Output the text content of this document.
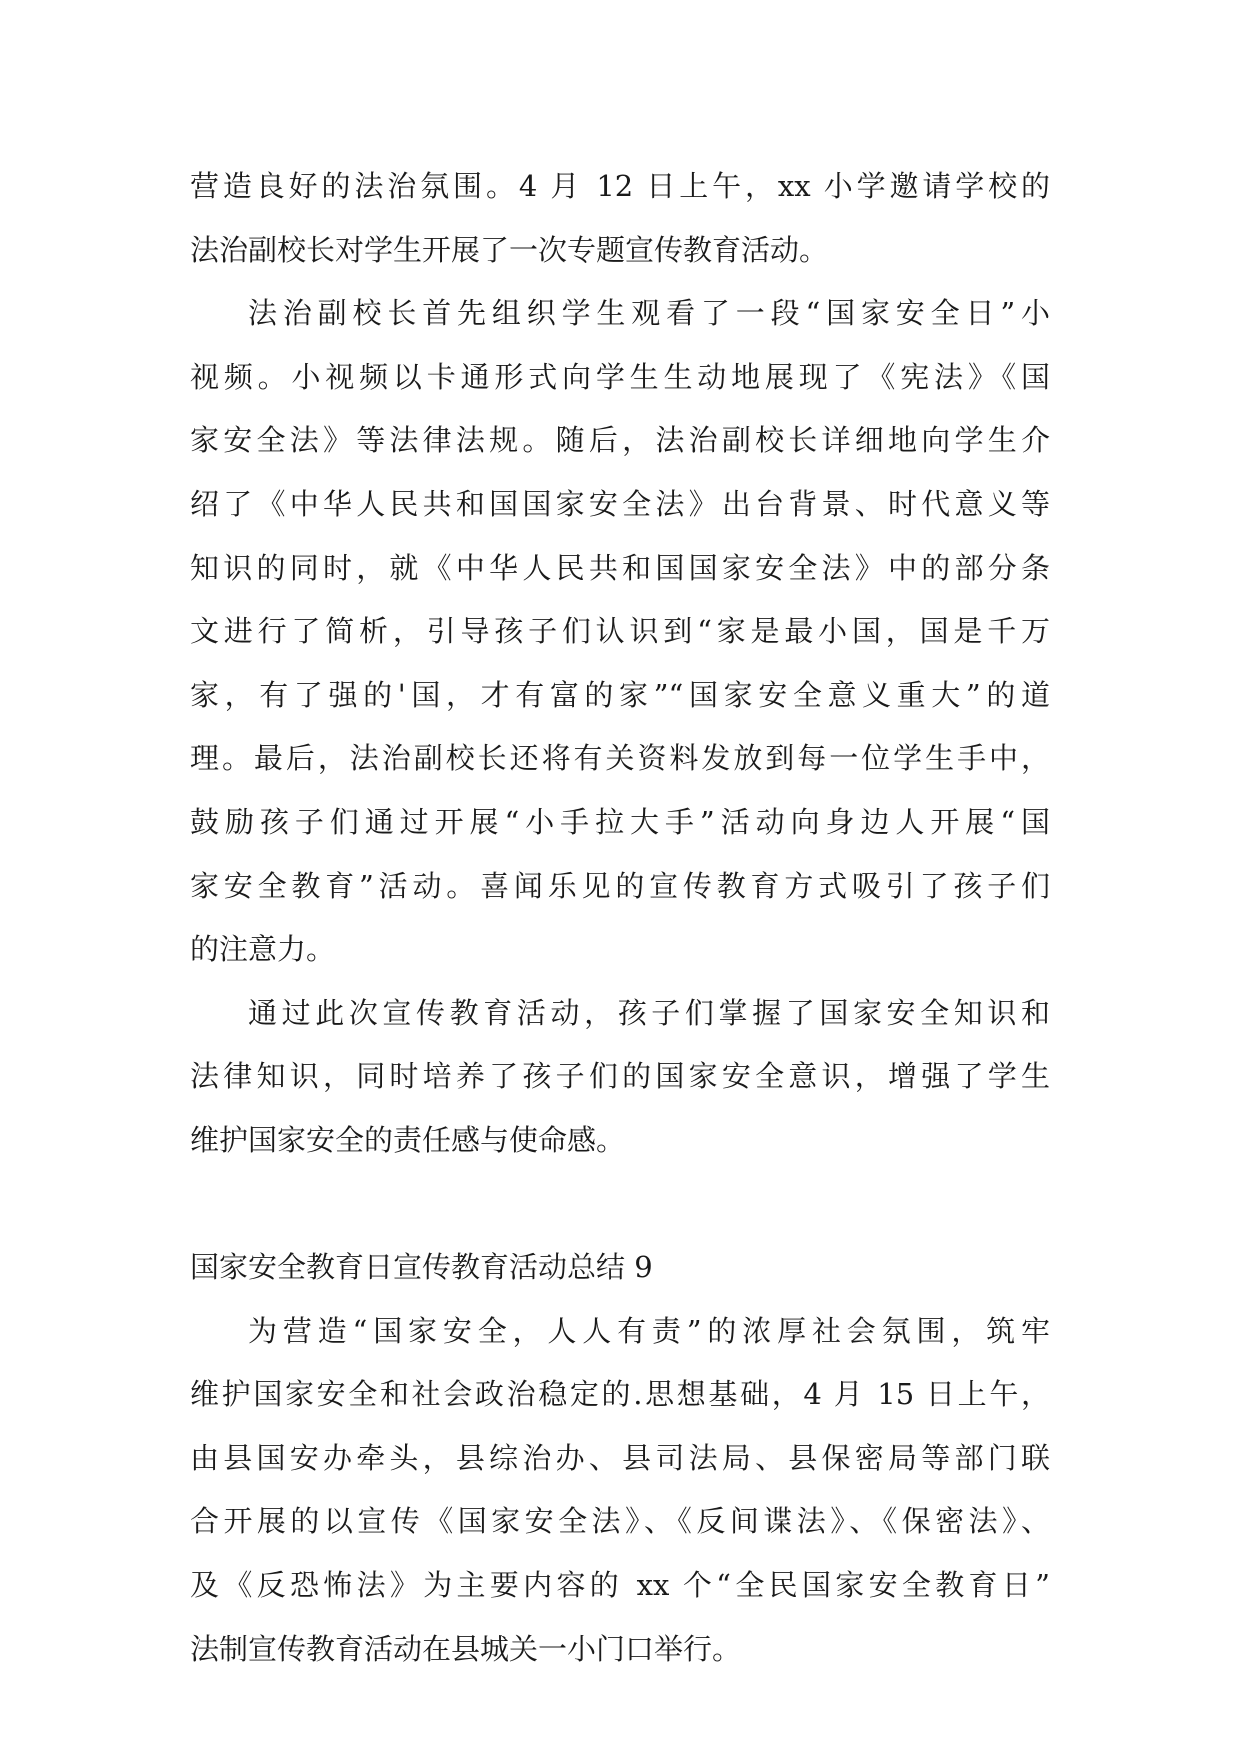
营造良好的法治氛围。4 月 12 日上午，xx 小学邀请学校的
法治副校长对学生开展了一次专题宣传教育活动。
法治副校长首先组织学生观看了一段“国家安全日”小
视频。小视频以卡通形式向学生生动地展现了《宪法》《国
家安全法》等法律法规。随后，法治副校长详细地向学生介
绍了《中华人民共和国国家安全法》出台背景、时代意义等
知识的同时，就《中华人民共和国国家安全法》中的部分条
文进行了简析，引导孩子们认识到“家是最小国，国是千万
家，有了强的'国，才有富的家”“国家安全意义重大”的道
理。最后，法治副校长还将有关资料发放到每一位学生手中，
鼓励孩子们通过开展“小手拉大手”活动向身边人开展“国
家安全教育”活动。喜闻乐见的宣传教育方式吸引了孩子们
的注意力。
通过此次宣传教育活动，孩子们掌握了国家安全知识和
法律知识，同时培养了孩子们的国家安全意识，增强了学生
维护国家安全的责任感与使命感。
国家安全教育日宣传教育活动总结 9
为营造“国家安全，人人有责”的浓厚社会氛围，筑牢
维护国家安全和社会政治稳定的.思想基础，4 月 15 日上午，
由县国安办牵头，县综治办、县司法局、县保密局等部门联
合开展的以宣传《国家安全法》、《反间谍法》、《保密法》、
及《反恐怖法》为主要内容的 xx 个“全民国家安全教育日”
法制宣传教育活动在县城关一小门口举行。
